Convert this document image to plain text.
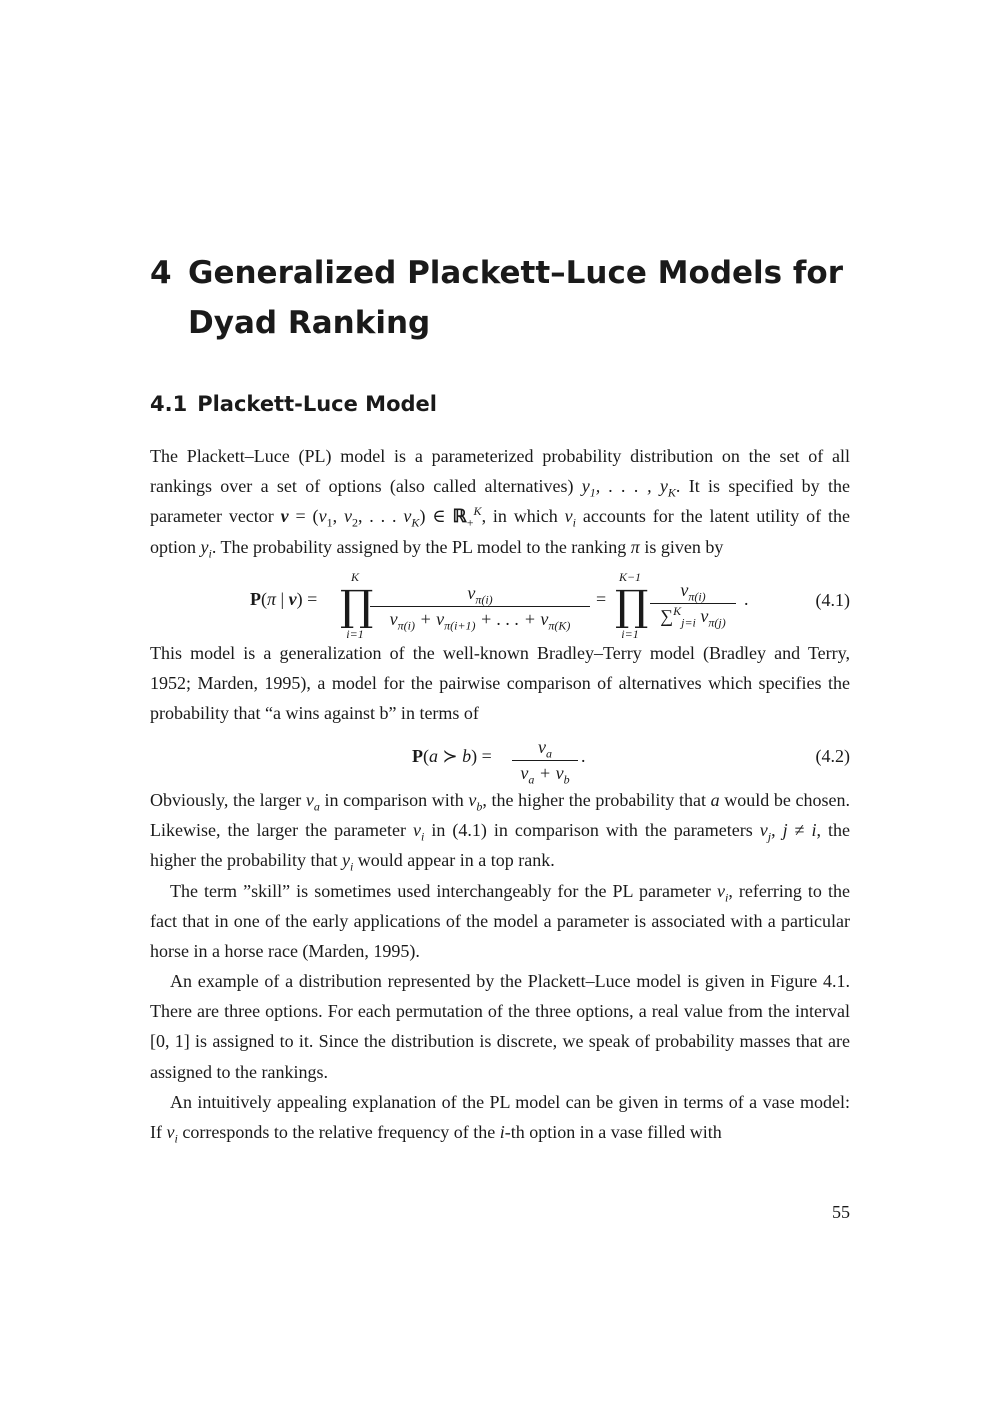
4 Generalized Plackett–Luce Models for Dyad Ranking
4.1 Plackett-Luce Model

The Plackett–Luce (PL) model is a parameterized probability distribution on the set of all rankings over a set of options (also called alternatives) $y_1$, . . . , $y_K$. It is specified by the parameter vector $v = (v_1$, $v_2$, . . . $v_K$) ∈ ℝ$_+^K$, in which $v_i$ accounts for the latent utility of the option $y_i$. The probability assigned by the PL model to the ranking π is given by

P(π | v) =
K
∏
i=1
$\frac{v_{\pi(i)}}{v_{\pi(i)} + v_{\pi(i+1)} + . . . + v_{\pi(K)}}$ =
K−1
∏
i=1
$\frac{v_{\pi(i)}}{\sum^K_{j=i} v_{\pi(j)}}$ .	(4.1)

This model is a generalization of the well-known Bradley–Terry model (Bradley and Terry, 1952; Marden, 1995), a model for the pairwise comparison of alternatives which specifies the probability that “a wins against b” in terms of

P(a ≻ $b) = \frac{v_a}{v_a + v_b}$ .	(4.2)

Obviously, the larger $v_a$ in comparison with $v_b$, the higher the probability that a would be chosen. Likewise, the larger the parameter $v_i$ in (4.1) in comparison with the parameters $v_j$, j ≠ i, the higher the probability that $y_i$ would appear in a top rank.

The term ”skill” is sometimes used interchangeably for the PL parameter $v_i$, referring to the fact that in one of the early applications of the model a parameter is associated with a particular horse in a horse race (Marden, 1995).

An example of a distribution represented by the Plackett–Luce model is given in Figure 4.1. There are three options. For each permutation of the three options, a real value from the interval [0, 1] is assigned to it. Since the distribution is discrete, we speak of probability masses that are assigned to the rankings.

An intuitively appealing explanation of the PL model can be given in terms of a vase model: If $v_i$ corresponds to the relative frequency of the i-th option in a vase filled with

55
